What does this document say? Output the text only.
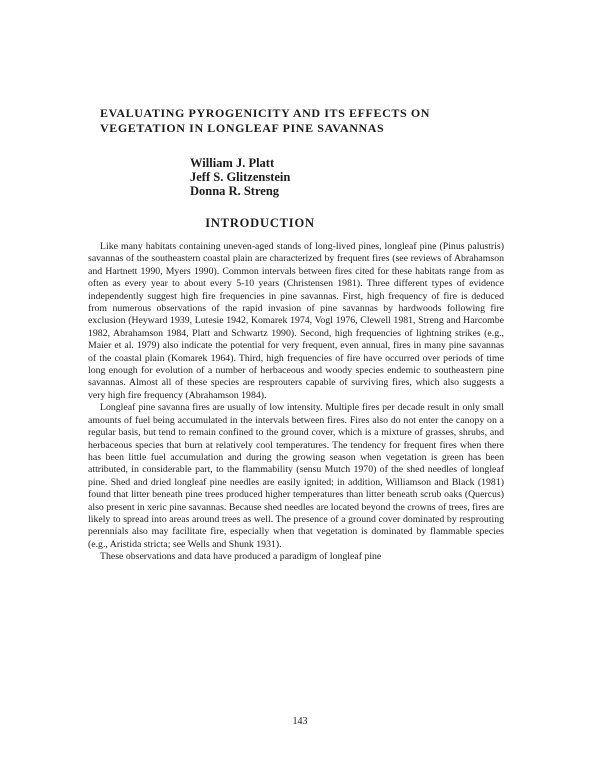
EVALUATING PYROGENICITY AND ITS EFFECTS ON
VEGETATION IN LONGLEAF PINE SAVANNAS
William J. Platt
Jeff S. Glitzenstein
Donna R. Streng
INTRODUCTION

Like many habitats containing uneven-aged stands of long-lived pines, longleaf pine (Pinus palustris) savannas of the southeastern coastal plain are characterized by frequent fires (see reviews of Abrahamson and Hartnett 1990, Myers 1990). Common intervals between fires cited for these habitats range from as often as every year to about every 5-10 years (Christensen 1981). Three different types of evidence independently suggest high fire frequencies in pine savannas. First, high frequency of fire is deduced from numerous observations of the rapid invasion of pine savannas by hardwoods following fire exclusion (Heyward 1939, Lutesie 1942, Komarek 1974, Vogl 1976, Clewell 1981, Streng and Harcombe 1982, Abrahamson 1984, Platt and Schwartz 1990). Second, high frequencies of lightning strikes (e.g., Maier et al. 1979) also indicate the potential for very frequent, even annual, fires in many pine savannas of the coastal plain (Komarek 1964). Third, high frequencies of fire have occurred over periods of time long enough for evolution of a number of herbaceous and woody species endemic to southeastern pine savannas. Almost all of these species are resprouters capable of surviving fires, which also suggests a very high fire frequency (Abrahamson 1984).

Longleaf pine savanna fires are usually of low intensity. Multiple fires per decade result in only small amounts of fuel being accumulated in the intervals between fires. Fires also do not enter the canopy on a regular basis, but tend to remain confined to the ground cover, which is a mixture of grasses, shrubs, and herbaceous species that burn at relatively cool temperatures. The tendency for frequent fires when there has been little fuel accumulation and during the growing season when vegetation is green has been attributed, in considerable part, to the flammability (sensu Mutch 1970) of the shed needles of longleaf pine. Shed and dried longleaf pine needles are easily ignited; in addition, Williamson and Black (1981) found that litter beneath pine trees produced higher temperatures than litter beneath scrub oaks (Quercus) also present in xeric pine savannas. Because shed needles are located beyond the crowns of trees, fires are likely to spread into areas around trees as well. The presence of a ground cover dominated by resprouting perennials also may facilitate fire, especially when that vegetation is dominated by flammable species (e.g., Aristida stricta; see Wells and Shunk 1931).

These observations and data have produced a paradigm of longleaf pine

143
